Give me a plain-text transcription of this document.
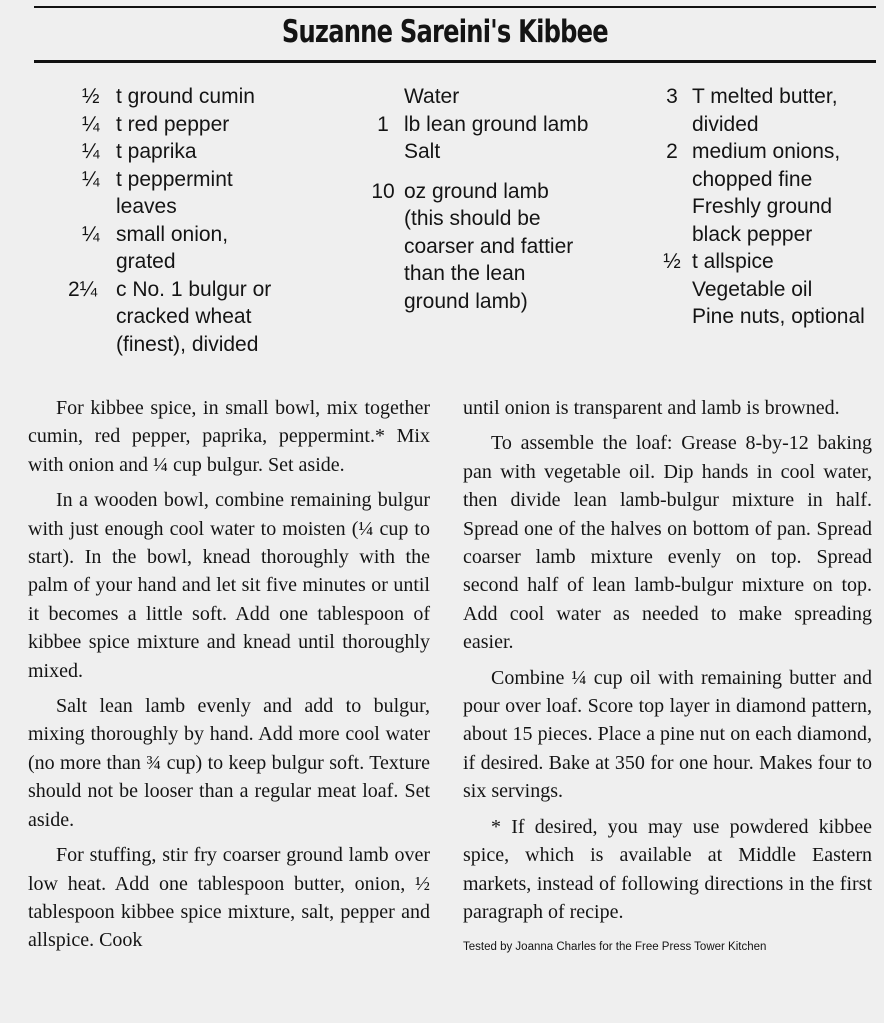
Suzanne Sareini's Kibbee
½ t ground cumin
¼ t red pepper
¼ t paprika
¼ t peppermint leaves
¼ small onion, grated
2¼ c No. 1 bulgur or cracked wheat (finest), divided
Water
1 lb lean ground lamb
Salt
10 oz ground lamb (this should be coarser and fattier than the lean ground lamb)
3 T melted butter, divided
2 medium onions, chopped fine
Freshly ground black pepper
½ t allspice
Vegetable oil
Pine nuts, optional

For kibbee spice, in small bowl, mix together cumin, red pepper, paprika, peppermint.* Mix with onion and ¼ cup bulgur. Set aside.

In a wooden bowl, combine remaining bulgur with just enough cool water to moisten (¼ cup to start). In the bowl, knead thoroughly with the palm of your hand and let sit five minutes or until it becomes a little soft. Add one tablespoon of kibbee spice mixture and knead until thoroughly mixed.

Salt lean lamb evenly and add to bulgur, mixing thoroughly by hand. Add more cool water (no more than ¾ cup) to keep bulgur soft. Texture should not be looser than a regular meat loaf. Set aside.

For stuffing, stir fry coarser ground lamb over low heat. Add one tablespoon butter, onion, ½ tablespoon kibbee spice mixture, salt, pepper and allspice. Cook

until onion is transparent and lamb is browned.

To assemble the loaf: Grease 8-by-12 baking pan with vegetable oil. Dip hands in cool water, then divide lean lamb-bulgur mixture in half. Spread one of the halves on bottom of pan. Spread coarser lamb mixture evenly on top. Spread second half of lean lamb-bulgur mixture on top. Add cool water as needed to make spreading easier.

Combine ¼ cup oil with remaining butter and pour over loaf. Score top layer in diamond pattern, about 15 pieces. Place a pine nut on each diamond, if desired. Bake at 350 for one hour. Makes four to six servings.

* If desired, you may use powdered kibbee spice, which is available at Middle Eastern markets, instead of following directions in the first paragraph of recipe.

Tested by Joanna Charles for the Free Press Tower Kitchen
